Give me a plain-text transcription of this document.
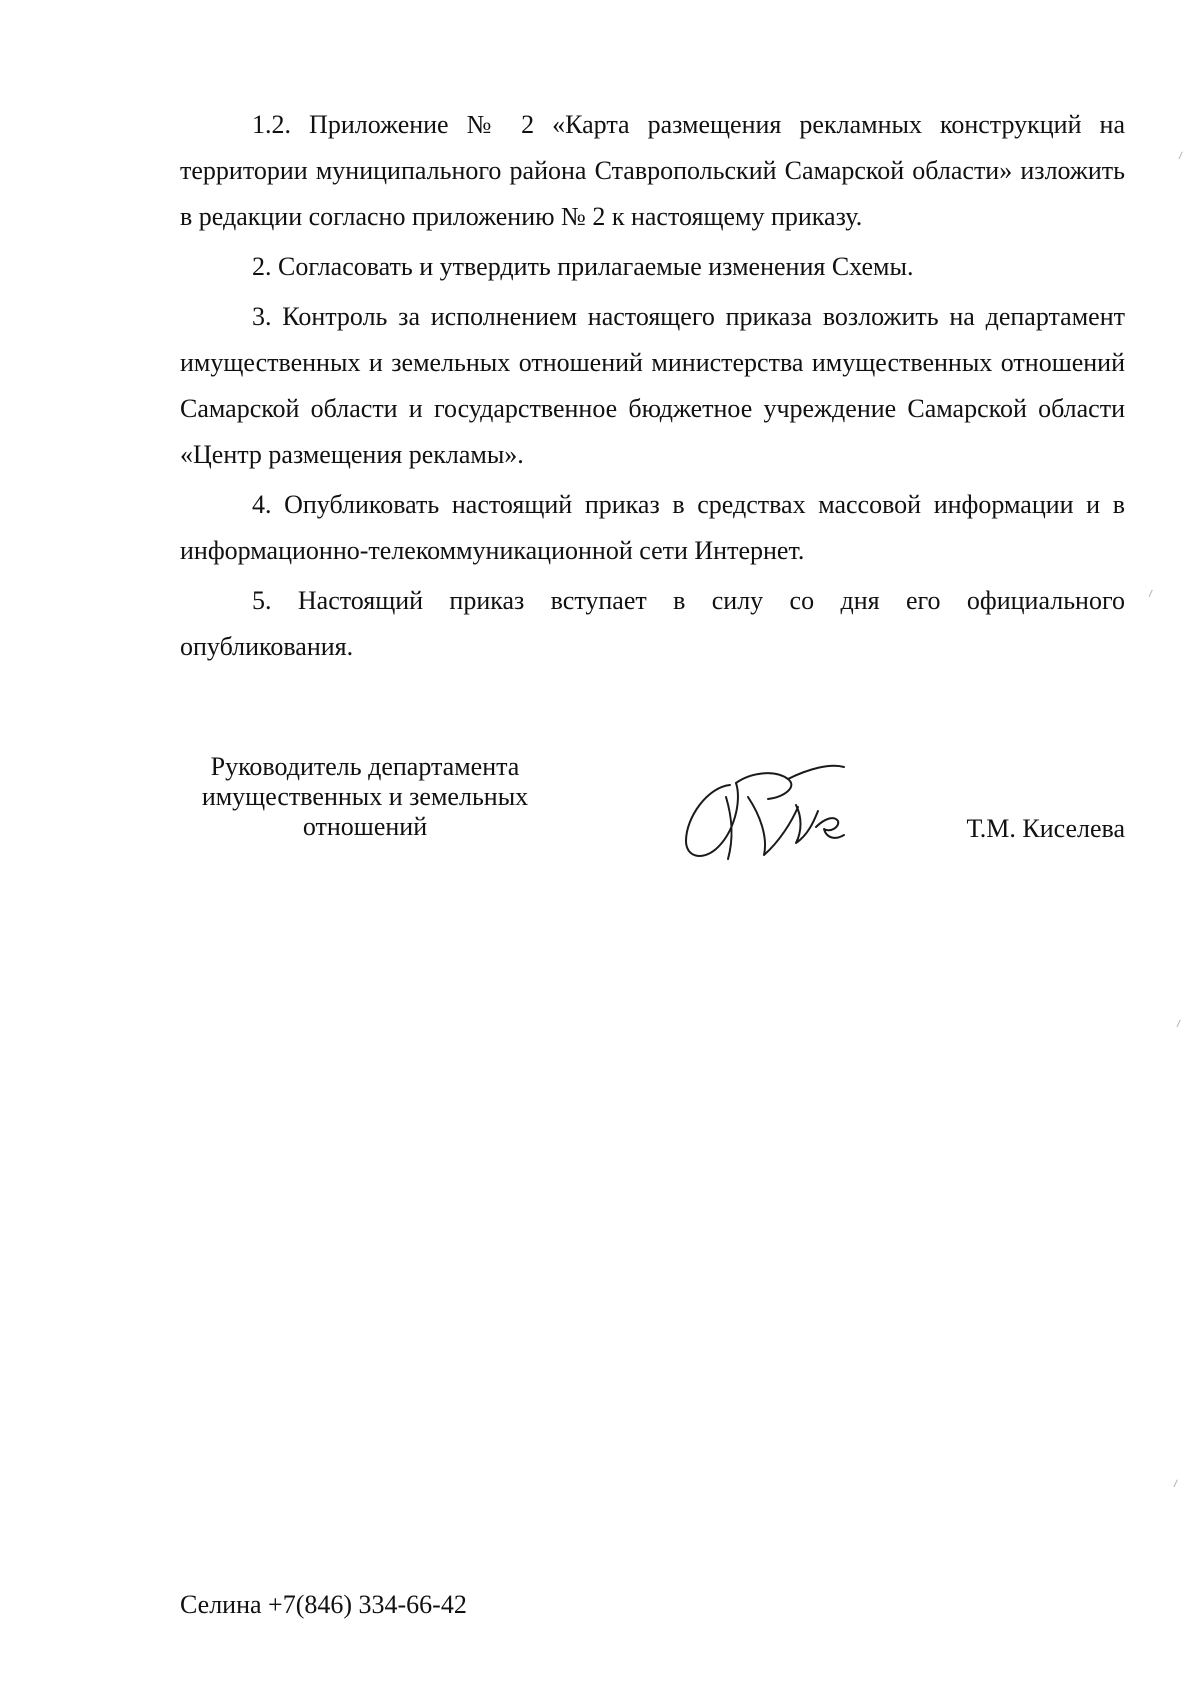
1.2. Приложение № 2 «Карта размещения рекламных конструкций на территории муниципального района Ставропольский Самарской области» изложить в редакции согласно приложению № 2 к настоящему приказу.

2. Согласовать и утвердить прилагаемые изменения Схемы.

3. Контроль за исполнением настоящего приказа возложить на департамент имущественных и земельных отношений министерства имущественных отношений Самарской области и государственное бюджетное учреждение Самарской области «Центр размещения рекламы».

4. Опубликовать настоящий приказ в средствах массовой информации и в информационно-телекоммуникационной сети Интернет.

5. Настоящий приказ вступает в силу со дня его официального опубликования.

Руководитель департамента
имущественных и земельных
отношений	Т.М. Киселева
Селина +7(846) 334-66-42
